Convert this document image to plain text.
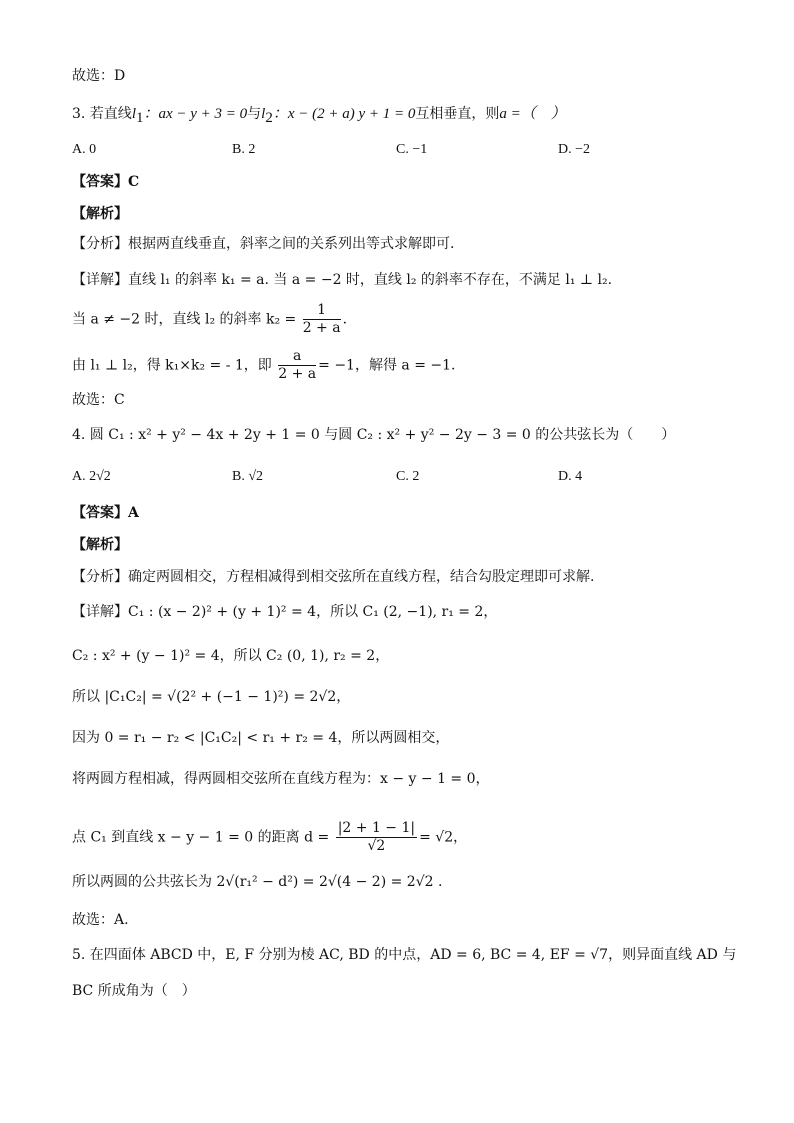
故选：D
3. 若直线$l_1$：ax − y + 3 = 0与$l_2$：x − (2 + a) y + 1 = 0互相垂直，则a =（　）
A. 0	B. 2	C. −1	D. −2
【答案】C
【解析】
【分析】根据两直线垂直，斜率之间的关系列出等式求解即可.
【详解】直线 l₁ 的斜率 k₁ = a. 当 a = −2 时，直线 l₂ 的斜率不存在，不满足 l₁ ⊥ l₂.
当 a ≠ −2 时，直线 l₂ 的斜率 $k_2 = \frac{1}{2 + a}$ .
由 l₁ ⊥ l₂，得 k₁×k₂ = - 1，即 $\frac{a}{2 + a} = -1$，解得 a = −1.
故选：C
4. 圆 C₁ : x² + y² − 4x + 2y + 1 = 0 与圆 C₂ : x² + y² − 2y − 3 = 0 的公共弦长为（　　）
A. 2√2	B. √2	C. 2	D. 4
【答案】A
【解析】
【分析】确定两圆相交，方程相减得到相交弦所在直线方程，结合勾股定理即可求解.
【详解】C₁ : (x − 2)² + (y + 1)² = 4，所以 C₁ (2, −1), r₁ = 2，
C₂ : x² + (y − 1)² = 4，所以 C₂ (0, 1), r₂ = 2，
所以 |C₁C₂| = √(2² + (−1 − 1)²) = 2√2，
因为 0 = r₁ − r₂ < |C₁C₂| < r₁ + r₂ = 4，所以两圆相交，
将两圆方程相减，得两圆相交弦所在直线方程为：x − y − 1 = 0，
点 C₁ 到直线 x − y − 1 = 0 的距离 $d = \frac{|2 + 1 - 1|}{√2} = √2$，
所以两圆的公共弦长为 2√(r₁² − d²) = 2√(4 − 2) = 2√2 .
故选：A.
5. 在四面体 ABCD 中，E, F 分别为棱 AC, BD 的中点，AD = 6, BC = 4, EF = √7，则异面直线 AD 与
BC 所成角为（　）
